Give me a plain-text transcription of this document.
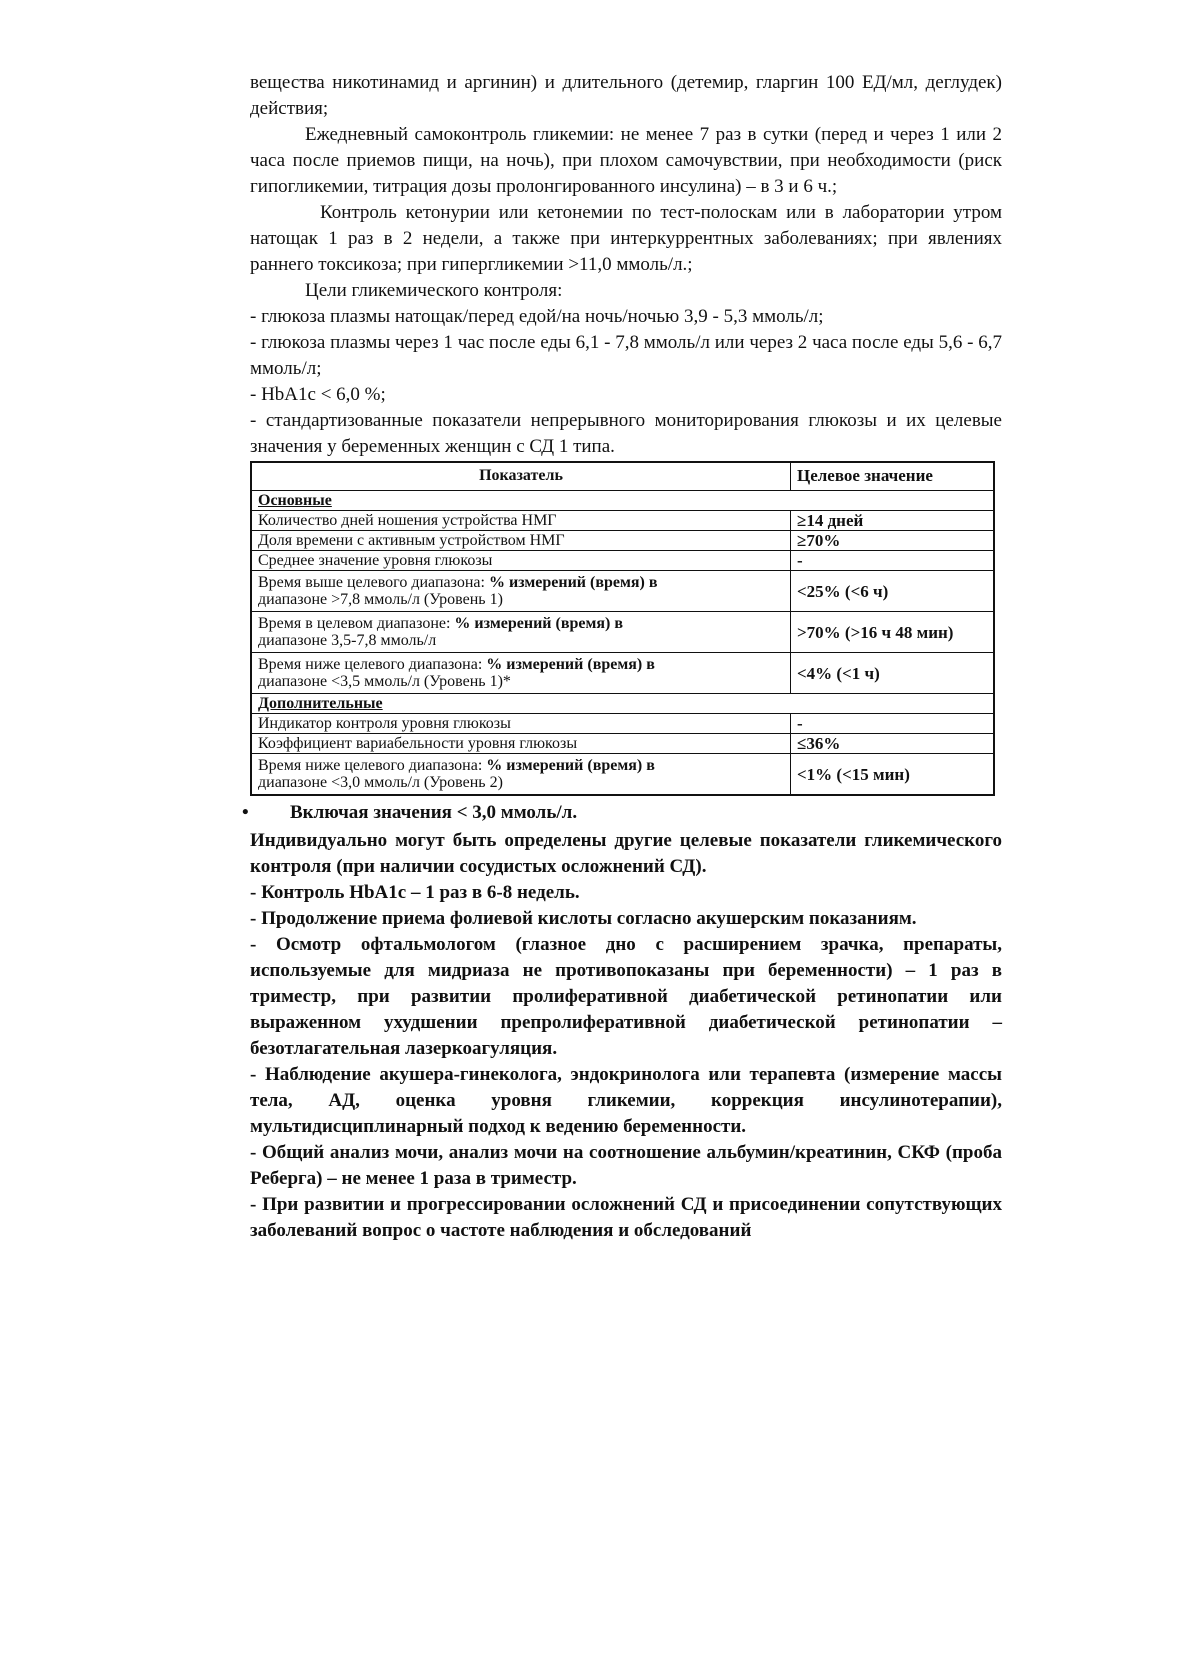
вещества никотинамид и аргинин) и длительного (детемир, гларгин 100 ЕД/мл, деглудек) действия;

Ежедневный самоконтроль гликемии: не менее 7 раз в сутки (перед и через 1 или 2 часа после приемов пищи, на ночь), при плохом самочувствии, при необходимости (риск гипогликемии, титрация дозы пролонгированного инсулина) – в 3 и 6 ч.;

Контроль кетонурии или кетонемии по тест-полоскам или в лаборатории утром натощак 1 раз в 2 недели, а также при интеркуррентных заболеваниях; при явлениях раннего токсикоза; при гипергликемии >11,0 ммоль/л.;

Цели гликемического контроля:

- глюкоза плазмы натощак/перед едой/на ночь/ночью 3,9 - 5,3 ммоль/л;

- глюкоза плазмы через 1 час после еды 6,1 - 7,8 ммоль/л или через 2 часа после еды 5,6 - 6,7 ммоль/л;

- HbA1c < 6,0 %;

- стандартизованные показатели непрерывного мониторирования глюкозы и их целевые значения у беременных женщин с СД 1 типа.

Показатель	Целевое значение
Основные	
Количество дней ношения устройства НМГ	≥14 дней
Доля времени с активным устройством НМГ	≥70%
Среднее значение уровня глюкозы	-
Время выше целевого диапазона: % измерений (время) в
диапазоне >7,8 ммоль/л (Уровень 1)	<25% (<6 ч)
Время в целевом диапазоне: % измерений (время) в
диапазоне 3,5-7,8 ммоль/л	>70% (>16 ч 48 мин)
Время ниже целевого диапазона: % измерений (время) в
диапазоне <3,5 ммоль/л (Уровень 1)*	<4% (<1 ч)
Дополнительные	
Индикатор контроля уровня глюкозы	-
Коэффициент вариабельности уровня глюкозы	≤36%
Время ниже целевого диапазона: % измерений (время) в
диапазоне <3,0 ммоль/л (Уровень 2)	<1% (<15 мин)

• Включая значения < 3,0 ммоль/л.

Индивидуально могут быть определены другие целевые показатели гликемического контроля (при наличии сосудистых осложнений СД).

- Контроль HbA1c – 1 раз в 6-8 недель.

- Продолжение приема фолиевой кислоты согласно акушерским показаниям.

- Осмотр офтальмологом (глазное дно с расширением зрачка, препараты, используемые для мидриаза не противопоказаны при беременности) – 1 раз в триместр, при развитии пролиферативной диабетической ретинопатии или выраженном ухудшении препролиферативной диабетической ретинопатии – безотлагательная лазеркоагуляция.

- Наблюдение акушера-гинеколога, эндокринолога или терапевта (измерение массы тела, АД, оценка уровня гликемии, коррекция инсулинотерапии), мультидисциплинарный подход к ведению беременности.

- Общий анализ мочи, анализ мочи на соотношение альбумин/креатинин, СКФ (проба Реберга) – не менее 1 раза в триместр.

- При развитии и прогрессировании осложнений СД и присоединении сопутствующих заболеваний вопрос о частоте наблюдения и обследований
